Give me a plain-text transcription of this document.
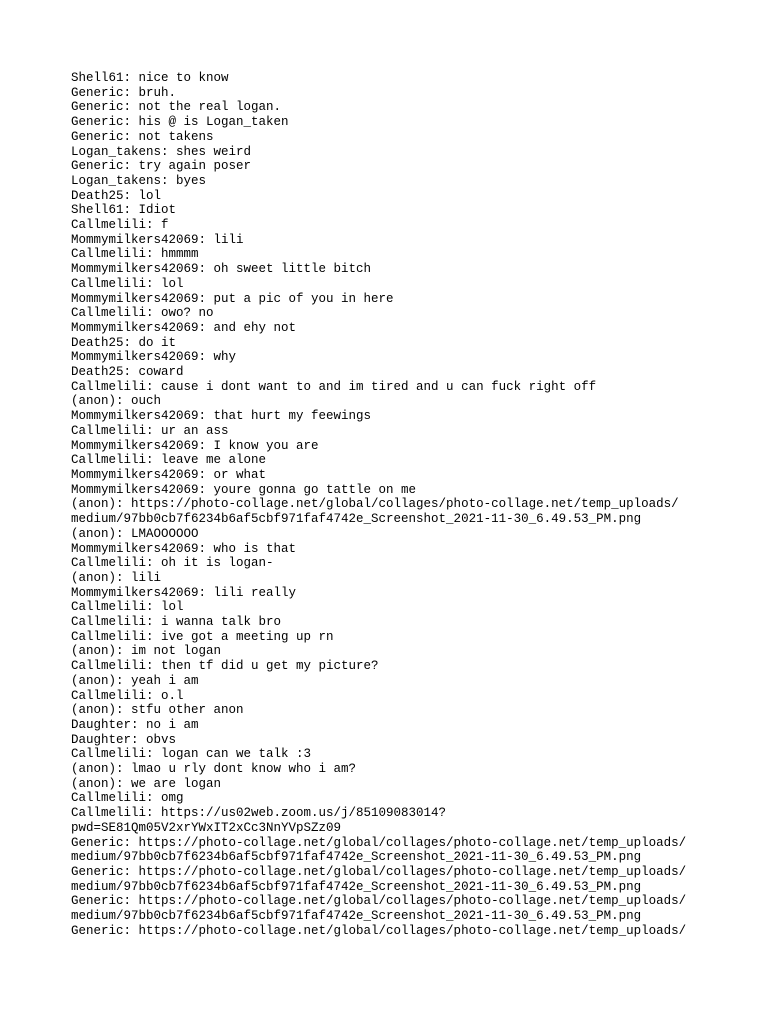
Shell61: nice to know
Generic: bruh.
Generic: not the real logan.
Generic: his @ is Logan_taken
Generic: not takens
Logan_takens: shes weird
Generic: try again poser
Logan_takens: byes
Death25: lol
Shell61: Idiot
Callmelili: f
Mommymilkers42069: lili
Callmelili: hmmmm
Mommymilkers42069: oh sweet little bitch
Callmelili: lol
Mommymilkers42069: put a pic of you in here
Callmelili: owo? no
Mommymilkers42069: and ehy not
Death25: do it
Mommymilkers42069: why
Death25: coward
Callmelili: cause i dont want to and im tired and u can fuck right off
(anon): ouch
Mommymilkers42069: that hurt my feewings
Callmelili: ur an ass
Mommymilkers42069: I know you are
Callmelili: leave me alone
Mommymilkers42069: or what
Mommymilkers42069: youre gonna go tattle on me
(anon): https://photo-collage.net/global/collages/photo-collage.net/temp_uploads/
medium/97bb0cb7f6234b6af5cbf971faf4742e_Screenshot_2021-11-30_6.49.53_PM.png
(anon): LMAOOOOOO
Mommymilkers42069: who is that
Callmelili: oh it is logan-
(anon): lili
Mommymilkers42069: lili really
Callmelili: lol
Callmelili: i wanna talk bro
Callmelili: ive got a meeting up rn
(anon): im not logan
Callmelili: then tf did u get my picture?
(anon): yeah i am
Callmelili: o.l
(anon): stfu other anon
Daughter: no i am
Daughter: obvs
Callmelili: logan can we talk :3
(anon): lmao u rly dont know who i am?
(anon): we are logan
Callmelili: omg
Callmelili: https://us02web.zoom.us/j/85109083014?
pwd=SE81Qm05V2xrYWxIT2xCc3NnYVpSZz09
Generic: https://photo-collage.net/global/collages/photo-collage.net/temp_uploads/
medium/97bb0cb7f6234b6af5cbf971faf4742e_Screenshot_2021-11-30_6.49.53_PM.png
Generic: https://photo-collage.net/global/collages/photo-collage.net/temp_uploads/
medium/97bb0cb7f6234b6af5cbf971faf4742e_Screenshot_2021-11-30_6.49.53_PM.png
Generic: https://photo-collage.net/global/collages/photo-collage.net/temp_uploads/
medium/97bb0cb7f6234b6af5cbf971faf4742e_Screenshot_2021-11-30_6.49.53_PM.png
Generic: https://photo-collage.net/global/collages/photo-collage.net/temp_uploads/
